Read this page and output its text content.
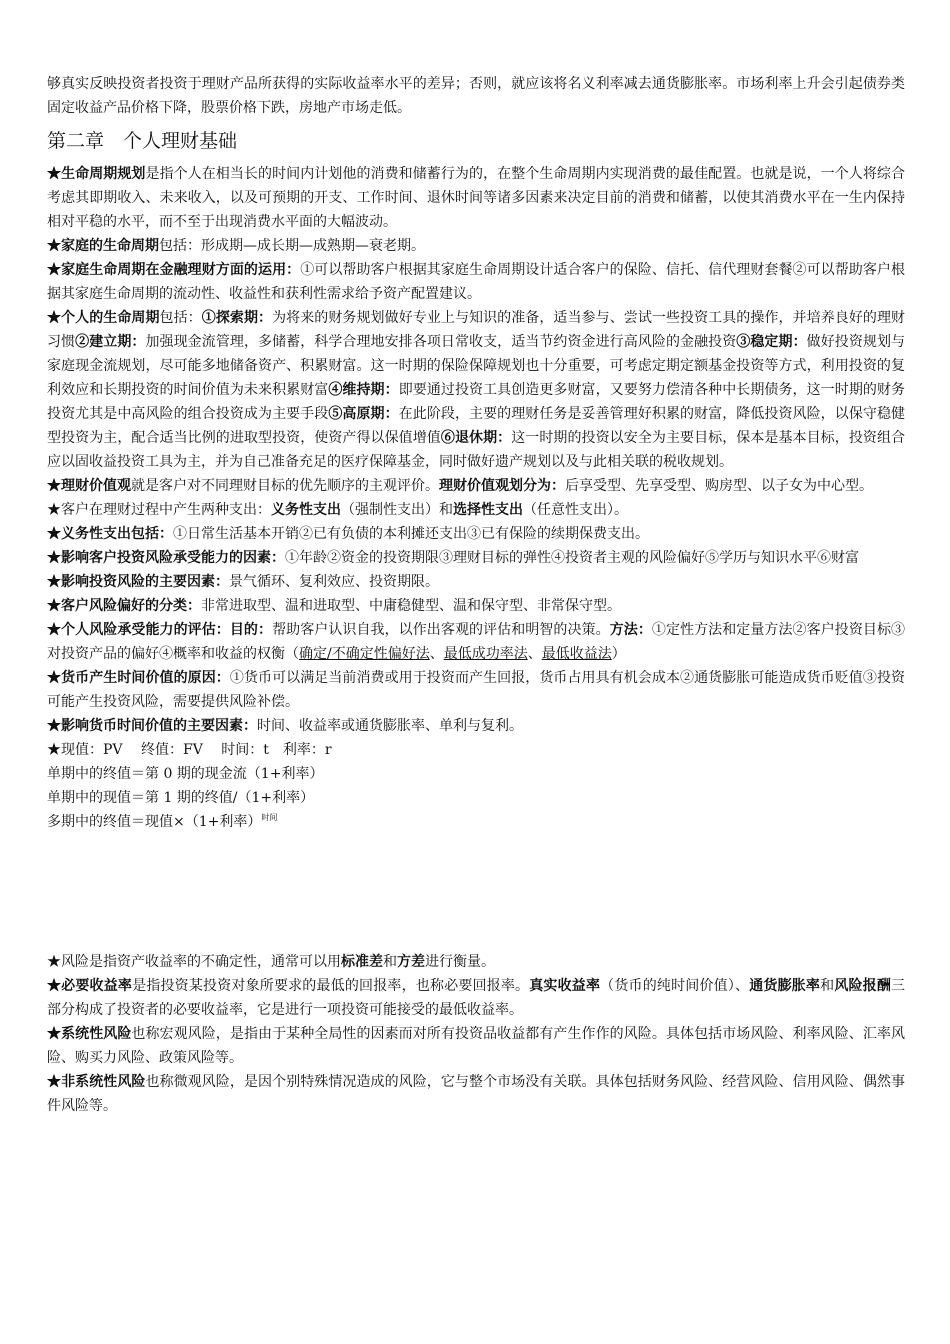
够真实反映投资者投资于理财产品所获得的实际收益率水平的差异；否则，就应该将名义利率减去通货膨胀率。市场利率上升会引起债券类固定收益产品价格下降，股票价格下跌，房地产市场走低。

第二章　个人理财基础

★生命周期规划是指个人在相当长的时间内计划他的消费和储蓄行为的，在整个生命周期内实现消费的最佳配置。也就是说，一个人将综合考虑其即期收入、未来收入，以及可预期的开支、工作时间、退休时间等诸多因素来决定目前的消费和储蓄，以使其消费水平在一生内保持相对平稳的水平，而不至于出现消费水平面的大幅波动。

★家庭的生命周期包括：形成期—成长期—成熟期—衰老期。

★家庭生命周期在金融理财方面的运用：①可以帮助客户根据其家庭生命周期设计适合客户的保险、信托、信代理财套餐②可以帮助客户根据其家庭生命周期的流动性、收益性和获利性需求给予资产配置建议。

★个人的生命周期包括：①探索期：为将来的财务规划做好专业上与知识的准备，适当参与、尝试一些投资工具的操作，并培养良好的理财习惯②建立期：加强现金流管理，多储蓄，科学合理地安排各项日常收支，适当节约资金进行高风险的金融投资③稳定期：做好投资规划与家庭现金流规划，尽可能多地储备资产、积累财富。这一时期的保险保障规划也十分重要，可考虑定期定额基金投资等方式，利用投资的复利效应和长期投资的时间价值为未来积累财富④维持期：即要通过投资工具创造更多财富，又要努力偿清各种中长期债务，这一时期的财务投资尤其是中高风险的组合投资成为主要手段⑤高原期：在此阶段，主要的理财任务是妥善管理好积累的财富，降低投资风险，以保守稳健型投资为主，配合适当比例的进取型投资，使资产得以保值增值⑥退休期：这一时期的投资以安全为主要目标，保本是基本目标，投资组合应以固收益投资工具为主，并为自己准备充足的医疗保障基金，同时做好遗产规划以及与此相关联的税收规划。

★理财价值观就是客户对不同理财目标的优先顺序的主观评价。理财价值观划分为：后享受型、先享受型、购房型、以子女为中心型。

★客户在理财过程中产生两种支出：义务性支出（强制性支出）和选择性支出（任意性支出）。

★义务性支出包括：①日常生活基本开销②已有负债的本利摊还支出③已有保险的续期保费支出。

★影响客户投资风险承受能力的因素：①年龄②资金的投资期限③理财目标的弹性④投资者主观的风险偏好⑤学历与知识水平⑥财富

★影响投资风险的主要因素：景气循环、复利效应、投资期限。

★客户风险偏好的分类：非常进取型、温和进取型、中庸稳健型、温和保守型、非常保守型。

★个人风险承受能力的评估：目的：帮助客户认识自我，以作出客观的评估和明智的决策。方法：①定性方法和定量方法②客户投资目标③对投资产品的偏好④概率和收益的权衡（确定/不确定性偏好法、最低成功率法、最低收益法）

★货币产生时间价值的原因：①货币可以满足当前消费或用于投资而产生回报，货币占用具有机会成本②通货膨胀可能造成货币贬值③投资可能产生投资风险，需要提供风险补偿。

★影响货币时间价值的主要因素：时间、收益率或通货膨胀率、单利与复利。

★现值：PV　 终值：FV　 时间：t　利率：r

单期中的终值＝第 0 期的现金流（1+利率）

单期中的现值＝第 1 期的终值/（1+利率）

多期中的终值＝现值×（1+利率）$^{时间}$

★风险是指资产收益率的不确定性，通常可以用标准差和方差进行衡量。

★必要收益率是指投资某投资对象所要求的最低的回报率，也称必要回报率。真实收益率（货币的纯时间价值）、通货膨胀率和风险报酬三部分构成了投资者的必要收益率，它是进行一项投资可能接受的最低收益率。

★系统性风险也称宏观风险，是指由于某种全局性的因素而对所有投资品收益都有产生作作的风险。具体包括市场风险、利率风险、汇率风险、购买力风险、政策风险等。

★非系统性风险也称微观风险，是因个别特殊情况造成的风险，它与整个市场没有关联。具体包括财务风险、经营风险、信用风险、偶然事件风险等。
